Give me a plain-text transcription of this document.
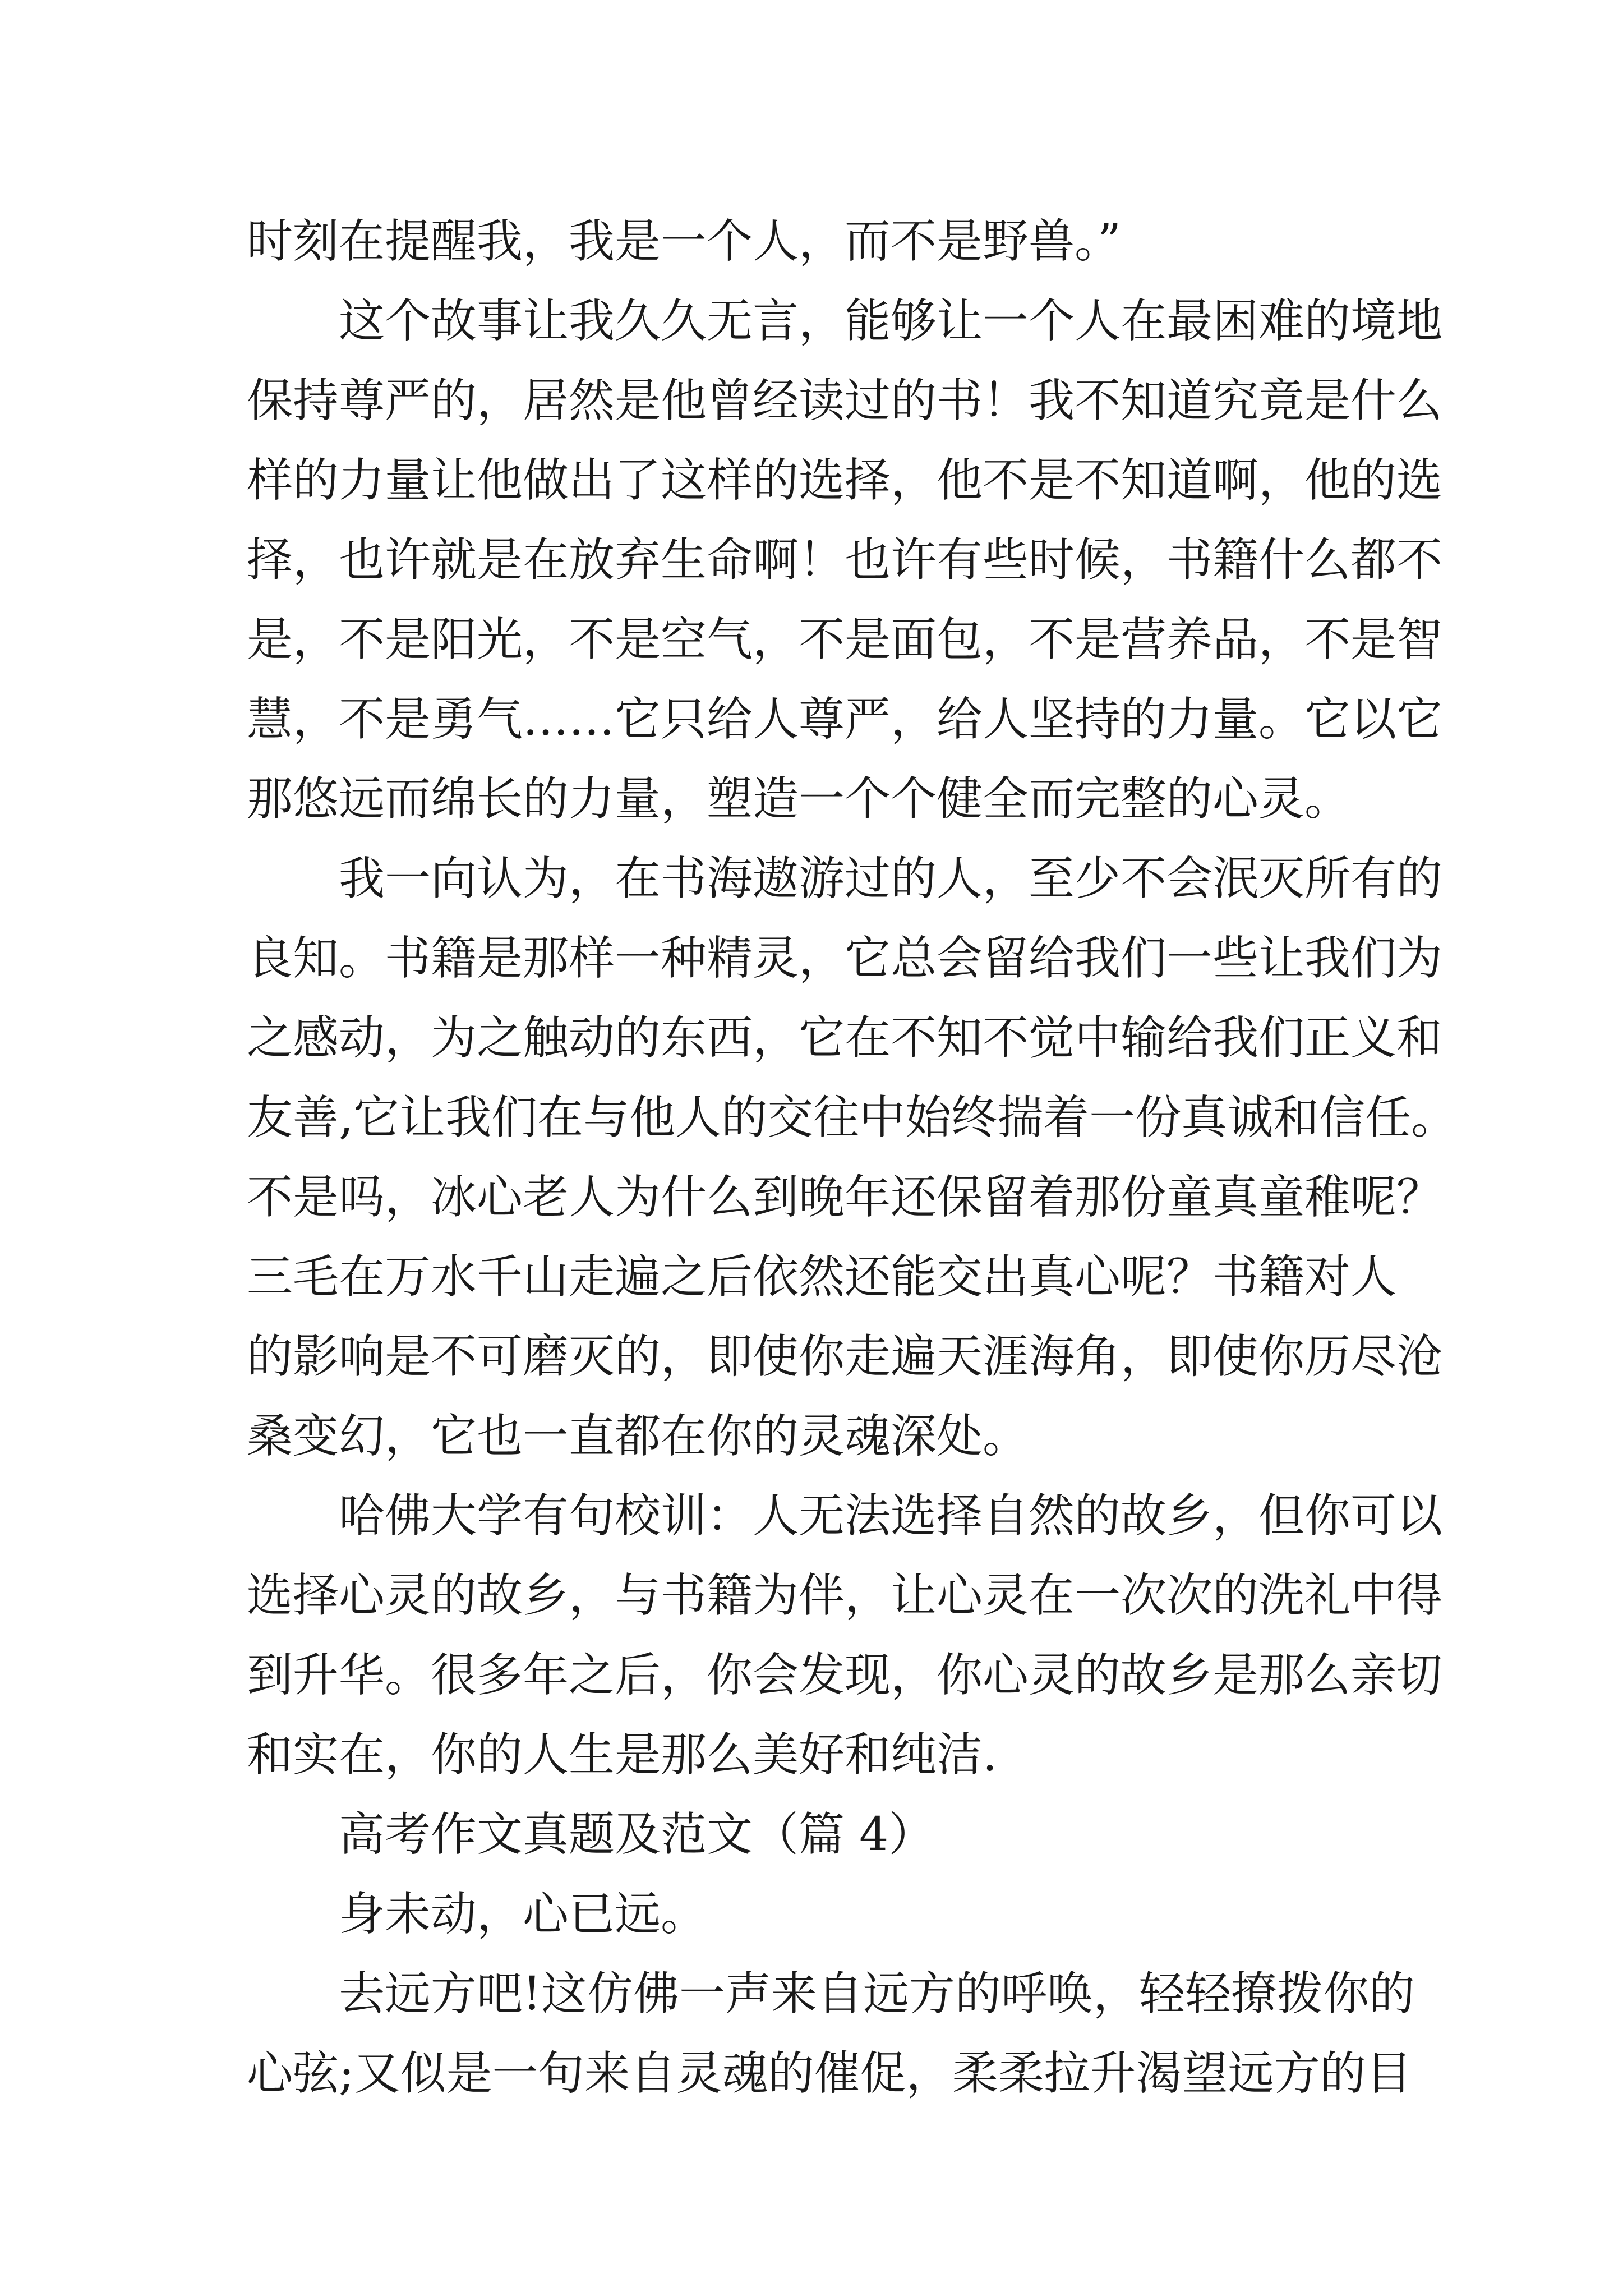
时刻在提醒我，我是一个人，而不是野兽。”
这个故事让我久久无言，能够让一个人在最困难的境地
保持尊严的，居然是他曾经读过的书！我不知道究竟是什么
样的力量让他做出了这样的选择，他不是不知道啊，他的选
择，也许就是在放弃生命啊！也许有些时候，书籍什么都不
是，不是阳光，不是空气，不是面包，不是营养品，不是智
慧，不是勇气……它只给人尊严，给人坚持的力量。它以它
那悠远而绵长的力量，塑造一个个健全而完整的心灵。
我一向认为，在书海遨游过的人，至少不会泯灭所有的
良知。书籍是那样一种精灵，它总会留给我们一些让我们为
之感动，为之触动的东西，它在不知不觉中输给我们正义和
友善,它让我们在与他人的交往中始终揣着一份真诚和信任。
不是吗，冰心老人为什么到晚年还保留着那份童真童稚呢？
三毛在万水千山走遍之后依然还能交出真心呢？书籍对人
的影响是不可磨灭的，即使你走遍天涯海角，即使你历尽沧
桑变幻，它也一直都在你的灵魂深处。
哈佛大学有句校训：人无法选择自然的故乡，但你可以
选择心灵的故乡，与书籍为伴，让心灵在一次次的洗礼中得
到升华。很多年之后，你会发现，你心灵的故乡是那么亲切
和实在，你的人生是那么美好和纯洁.
高考作文真题及范文（篇 4）
身未动，心已远。
去远方吧!这仿佛一声来自远方的呼唤，轻轻撩拨你的
心弦;又似是一句来自灵魂的催促，柔柔拉升渴望远方的目
